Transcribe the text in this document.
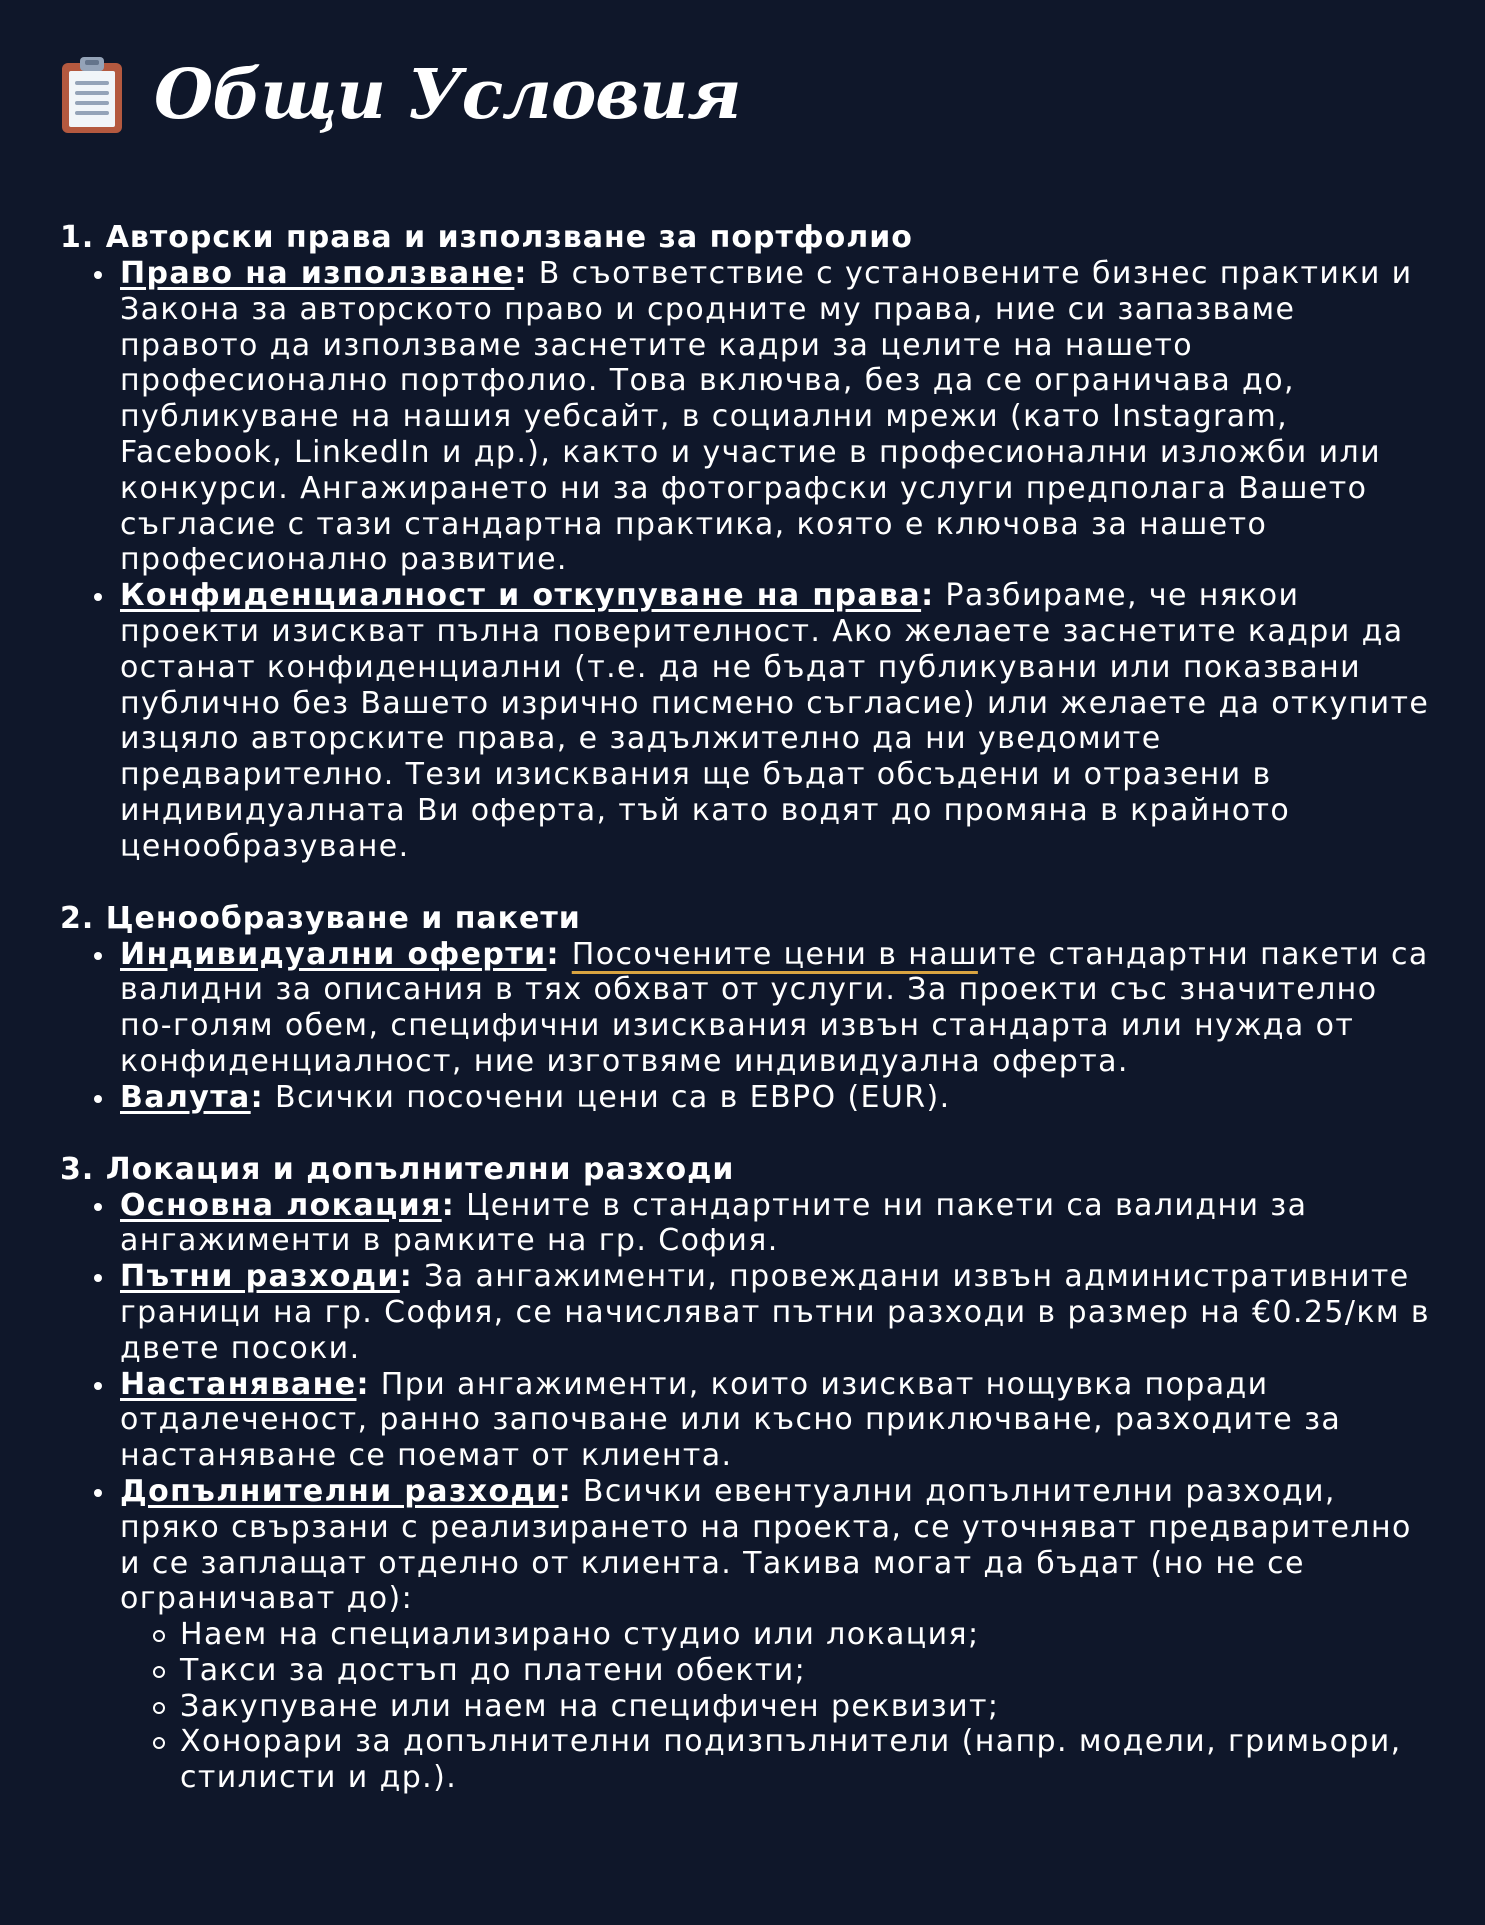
Общи Условия
1. Авторски права и използване за портфолио
Право на използване: В съответствие с установените бизнес практики и Закона за авторското право и сродните му права, ние си запазваме правото да използваме заснетите кадри за целите на нашето професионално портфолио. Това включва, без да се ограничава до, публикуване на нашия уебсайт, в социални мрежи (като Instagram, Facebook, LinkedIn и др.), както и участие в професионални изложби или конкурси. Ангажирането ни за фотографски услуги предполага Вашето съгласие с тази стандартна практика, която е ключова за нашето професионално развитие.
Конфиденциалност и откупуване на права: Разбираме, че някои проекти изискват пълна поверителност. Ако желаете заснетите кадри да останат конфиденциални (т.е. да не бъдат публикувани или показвани публично без Вашето изрично писмено съгласие) или желаете да откупите изцяло авторските права, е задължително да ни уведомите предварително. Тези изисквания ще бъдат обсъдени и отразени в индивидуалната Ви оферта, тъй като водят до промяна в крайното ценообразуване.
2. Ценообразуване и пакети
Индивидуални оферти: Посочените цени в нашите стандартни пакети са валидни за описания в тях обхват от услуги. За проекти със значително по-голям обем, специфични изисквания извън стандарта или нужда от конфиденциалност, ние изготвяме индивидуална оферта.
Валута: Всички посочени цени са в ЕВРО (EUR).
3. Локация и допълнителни разходи
Основна локация: Цените в стандартните ни пакети са валидни за ангажименти в рамките на гр. София.
Пътни разходи: За ангажименти, провеждани извън административните граници на гр. София, се начисляват пътни разходи в размер на €0.25/км в двете посоки.
Настаняване: При ангажименти, които изискват нощувка поради отдалеченост, ранно започване или късно приключване, разходите за настаняване се поемат от клиента.
Допълнителни разходи: Всички евентуални допълнителни разходи, пряко свързани с реализирането на проекта, се уточняват предварително и се заплащат отделно от клиента. Такива могат да бъдат (но не се ограничават до):
Наем на специализирано студио или локация;
Такси за достъп до платени обекти;
Закупуване или наем на специфичен реквизит;
Хонорари за допълнителни подизпълнители (напр. модели, гримьори, стилисти и др.).
